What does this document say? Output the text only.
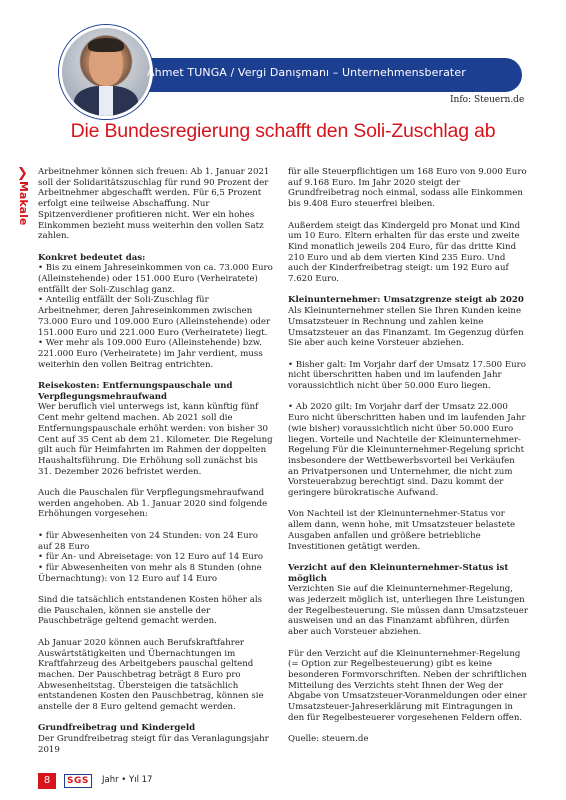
Ahmet TUNGA / Vergi Danışmanı – Unternehmensberater
Info: Steuern.de
Die Bundesregierung schafft den Soli-Zuschlag ab
❯
Makale

Arbeitnehmer können sich freuen: Ab 1. Januar 2021 soll der Solidaritätszuschlag für rund 90 Prozent der Arbeitnehmer abgeschafft werden. Für 6,5 Prozent erfolgt eine teilweise Abschaffung. Nur Spitzenverdiener profitieren nicht. Wer ein hohes Einkommen bezieht muss weiterhin den vollen Satz zahlen.

Konkret bedeutet das:

• Bis zu einem Jahreseinkommen von ca. 73.000 Euro (Alleinstehende) oder 151.000 Euro (Verheiratete) entfällt der Soli-Zuschlag ganz.

• Anteilig entfällt der Soli-Zuschlag für Arbeitnehmer, deren Jahreseinkommen zwischen 73.000 Euro und 109.000 Euro (Alleinstehende) oder 151.000 Euro und 221.000 Euro (Verheiratete) liegt.

• Wer mehr als 109.000 Euro (Alleinstehende) bzw. 221.000 Euro (Verheiratete) im Jahr verdient, muss weiterhin den vollen Beitrag entrichten.

Reisekosten: Entfernungspauschale und Verpflegungsmehraufwand

Wer beruflich viel unterwegs ist, kann künftig fünf Cent mehr geltend machen. Ab 2021 soll die Entfernungspauschale erhöht werden: von bisher 30 Cent auf 35 Cent ab dem 21. Kilometer. Die Regelung gilt auch für Heimfahrten im Rahmen der doppelten Haushaltsführung. Die Erhöhung soll zunächst bis 31. Dezember 2026 befristet werden.

Auch die Pauschalen für Verpflegungsmehraufwand werden angehoben. Ab 1. Januar 2020 sind folgende Erhöhungen vorgesehen:

• für Abwesenheiten von 24 Stunden: von 24 Euro auf 28 Euro

• für An- und Abreisetage: von 12 Euro auf 14 Euro

• für Abwesenheiten von mehr als 8 Stunden (ohne Übernachtung): von 12 Euro auf 14 Euro

Sind die tatsächlich entstandenen Kosten höher als die Pauschalen, können sie anstelle der Pauschbeträge geltend gemacht werden.

Ab Januar 2020 können auch Berufskraftfahrer Auswärtstätigkeiten und Übernachtungen im Kraftfahrzeug des Arbeitgebers pauschal geltend machen. Der Pauschbetrag beträgt 8 Euro pro Abwesenheitstag. Übersteigen die tatsächlich entstandenen Kosten den Pauschbetrag, können sie anstelle der 8 Euro geltend gemacht werden.

Grundfreibetrag und Kindergeld

Der Grundfreibetrag steigt für das Veranlagungsjahr 2019

für alle Steuerpflichtigen um 168 Euro von 9.000 Euro auf 9.168 Euro. Im Jahr 2020 steigt der Grundfreibetrag noch einmal, sodass alle Einkommen bis 9.408 Euro steuerfrei bleiben.

Außerdem steigt das Kindergeld pro Monat und Kind um 10 Euro. Eltern erhalten für das erste und zweite Kind monatlich jeweils 204 Euro, für das dritte Kind 210 Euro und ab dem vierten Kind 235 Euro. Und auch der Kinderfreibetrag steigt: um 192 Euro auf 7.620 Euro.

Kleinunternehmer: Umsatzgrenze steigt ab 2020

Als Kleinunternehmer stellen Sie Ihren Kunden keine Umsatzsteuer in Rechnung und zahlen keine Umsatzsteuer an das Finanzamt. Im Gegenzug dürfen Sie aber auch keine Vorsteuer abziehen.

• Bisher galt: Im Vorjahr darf der Umsatz 17.500 Euro nicht überschritten haben und im laufenden Jahr voraussichtlich nicht über 50.000 Euro liegen.

• Ab 2020 gilt: Im Vorjahr darf der Umsatz 22.000 Euro nicht überschritten haben und im laufenden Jahr (wie bisher) voraussichtlich nicht über 50.000 Euro liegen. Vorteile und Nachteile der Kleinunternehmer-Regelung Für die Kleinunternehmer-Regelung spricht insbesondere der Wettbewerbsvorteil bei Verkäufen an Privatpersonen und Unternehmer, die nicht zum Vorsteuerabzug berechtigt sind. Dazu kommt der geringere bürokratische Aufwand.

Von Nachteil ist der Kleinunternehmer-Status vor allem dann, wenn hohe, mit Umsatzsteuer belastete Ausgaben anfallen und größere betriebliche Investitionen getätigt werden.

Verzicht auf den Kleinunternehmer-Status ist möglich

Verzichten Sie auf die Kleinunternehmer-Regelung, was jederzeit möglich ist, unterliegen Ihre Leistungen der Regelbesteuerung. Sie müssen dann Umsatzsteuer ausweisen und an das Finanzamt abführen, dürfen aber auch Vorsteuer abziehen.

Für den Verzicht auf die Kleinunternehmer-Regelung (= Option zur Regelbesteuerung) gibt es keine besonderen Formvorschriften. Neben der schriftlichen Mitteilung des Verzichts steht Ihnen der Weg der Abgabe von Umsatzsteuer-Voranmeldungen oder einer Umsatzsteuer-Jahreserklärung mit Eintragungen in den für Regelbesteuerer vorgesehenen Feldern offen.

Quelle: steuern.de

8	SGS	Jahr • Yıl 17
